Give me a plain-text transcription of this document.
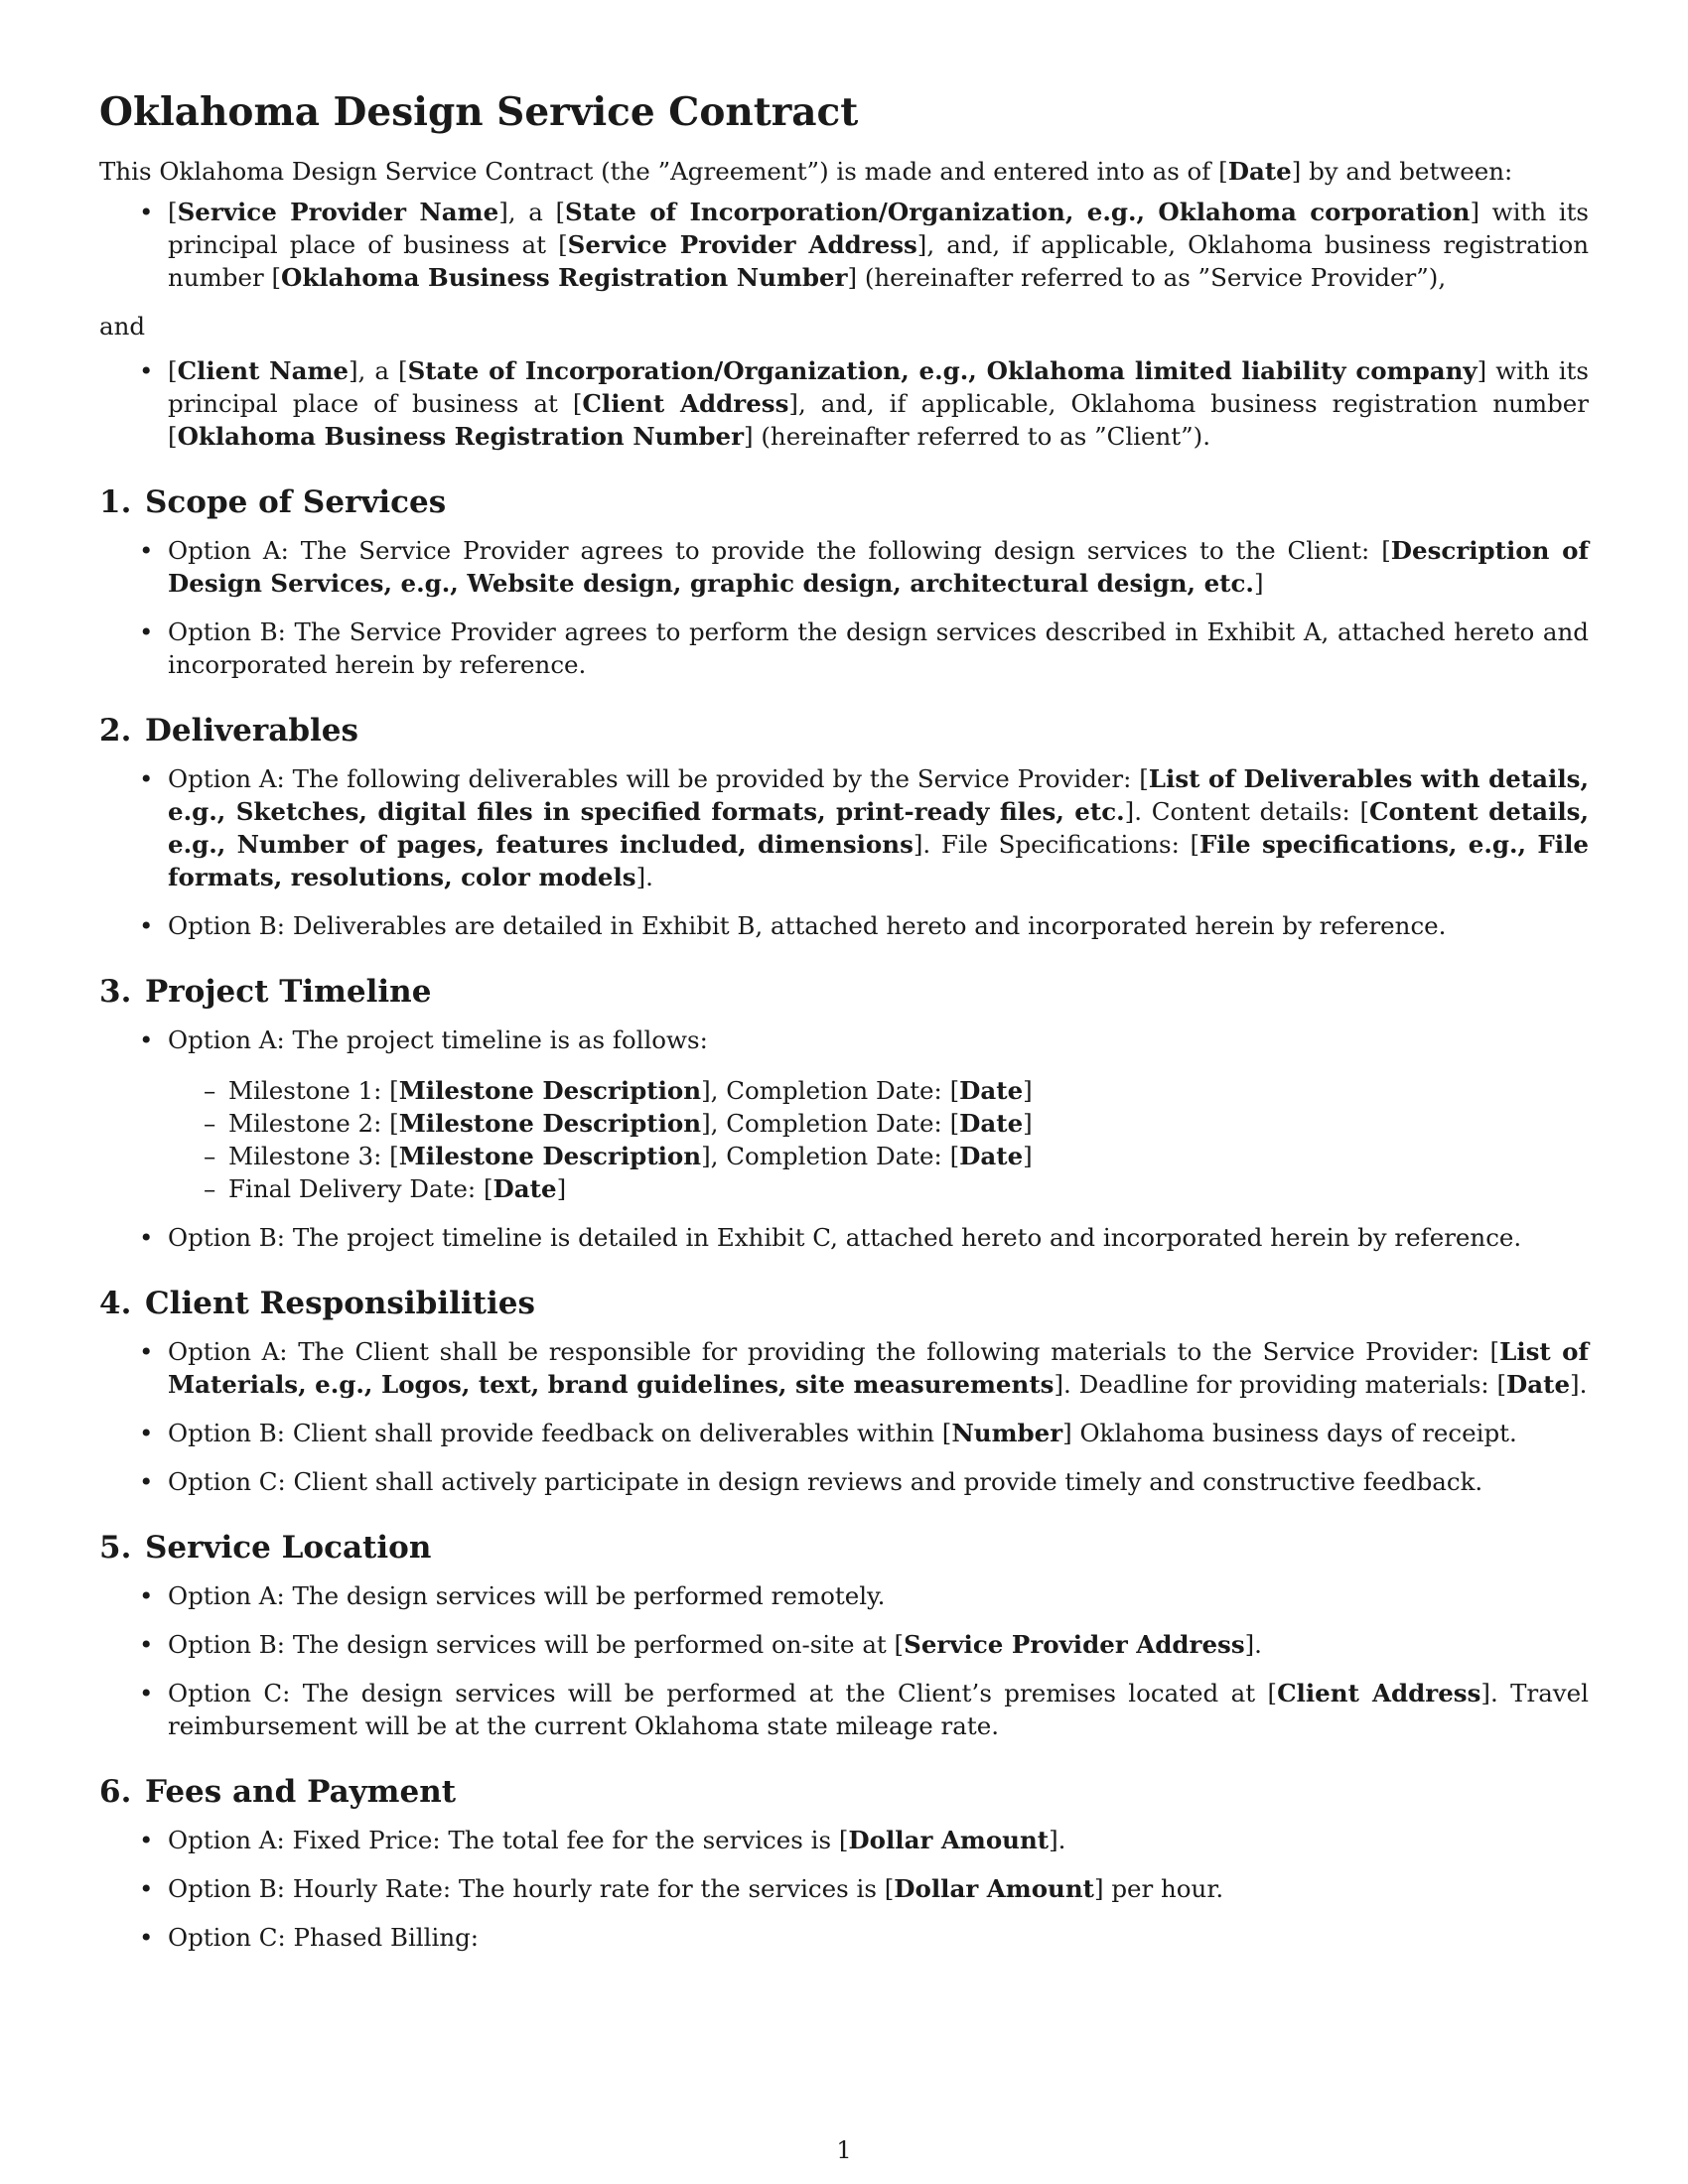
Oklahoma Design Service Contract

This Oklahoma Design Service Contract (the ”Agreement”) is made and entered into as of [Date] by and between:

• [Service Provider Name], a [State of Incorporation/Organization, e.g., Oklahoma corporation] with its principal place of business at [Service Provider Address], and, if applicable, Oklahoma business registration number [Oklahoma Business Registration Number] (hereinafter referred to as ”Service Provider”),

and

• [Client Name], a [State of Incorporation/Organization, e.g., Oklahoma limited liability company] with its principal place of business at [Client Address], and, if applicable, Oklahoma business registration number [Oklahoma Business Registration Number] (hereinafter referred to as ”Client”).
1. Scope of Services
• Option A: The Service Provider agrees to provide the following design services to the Client: [Description of Design Services, e.g., Website design, graphic design, architectural design, etc.]
• Option B: The Service Provider agrees to perform the design services described in Exhibit A, attached hereto and incorporated herein by reference.
2. Deliverables
• Option A: The following deliverables will be provided by the Service Provider: [List of Deliverables with details, e.g., Sketches, digital files in specified formats, print-ready files, etc.]. Content details: [Content details, e.g., Number of pages, features included, dimensions]. File Specifications: [File specifications, e.g., File formats, resolutions, color models].
• Option B: Deliverables are detailed in Exhibit B, attached hereto and incorporated herein by reference.
3. Project Timeline
• Option A: The project timeline is as follows:
– Milestone 1: [Milestone Description], Completion Date: [Date]
– Milestone 2: [Milestone Description], Completion Date: [Date]
– Milestone 3: [Milestone Description], Completion Date: [Date]
– Final Delivery Date: [Date]
• Option B: The project timeline is detailed in Exhibit C, attached hereto and incorporated herein by reference.
4. Client Responsibilities
• Option A: The Client shall be responsible for providing the following materials to the Service Provider: [List of Materials, e.g., Logos, text, brand guidelines, site measurements]. Deadline for providing materials: [Date].
• Option B: Client shall provide feedback on deliverables within [Number] Oklahoma business days of receipt.
• Option C: Client shall actively participate in design reviews and provide timely and constructive feedback.
5. Service Location
• Option A: The design services will be performed remotely.
• Option B: The design services will be performed on-site at [Service Provider Address].
• Option C: The design services will be performed at the Client’s premises located at [Client Address]. Travel reimbursement will be at the current Oklahoma state mileage rate.
6. Fees and Payment
• Option A: Fixed Price: The total fee for the services is [Dollar Amount].
• Option B: Hourly Rate: The hourly rate for the services is [Dollar Amount] per hour.
• Option C: Phased Billing:
1
